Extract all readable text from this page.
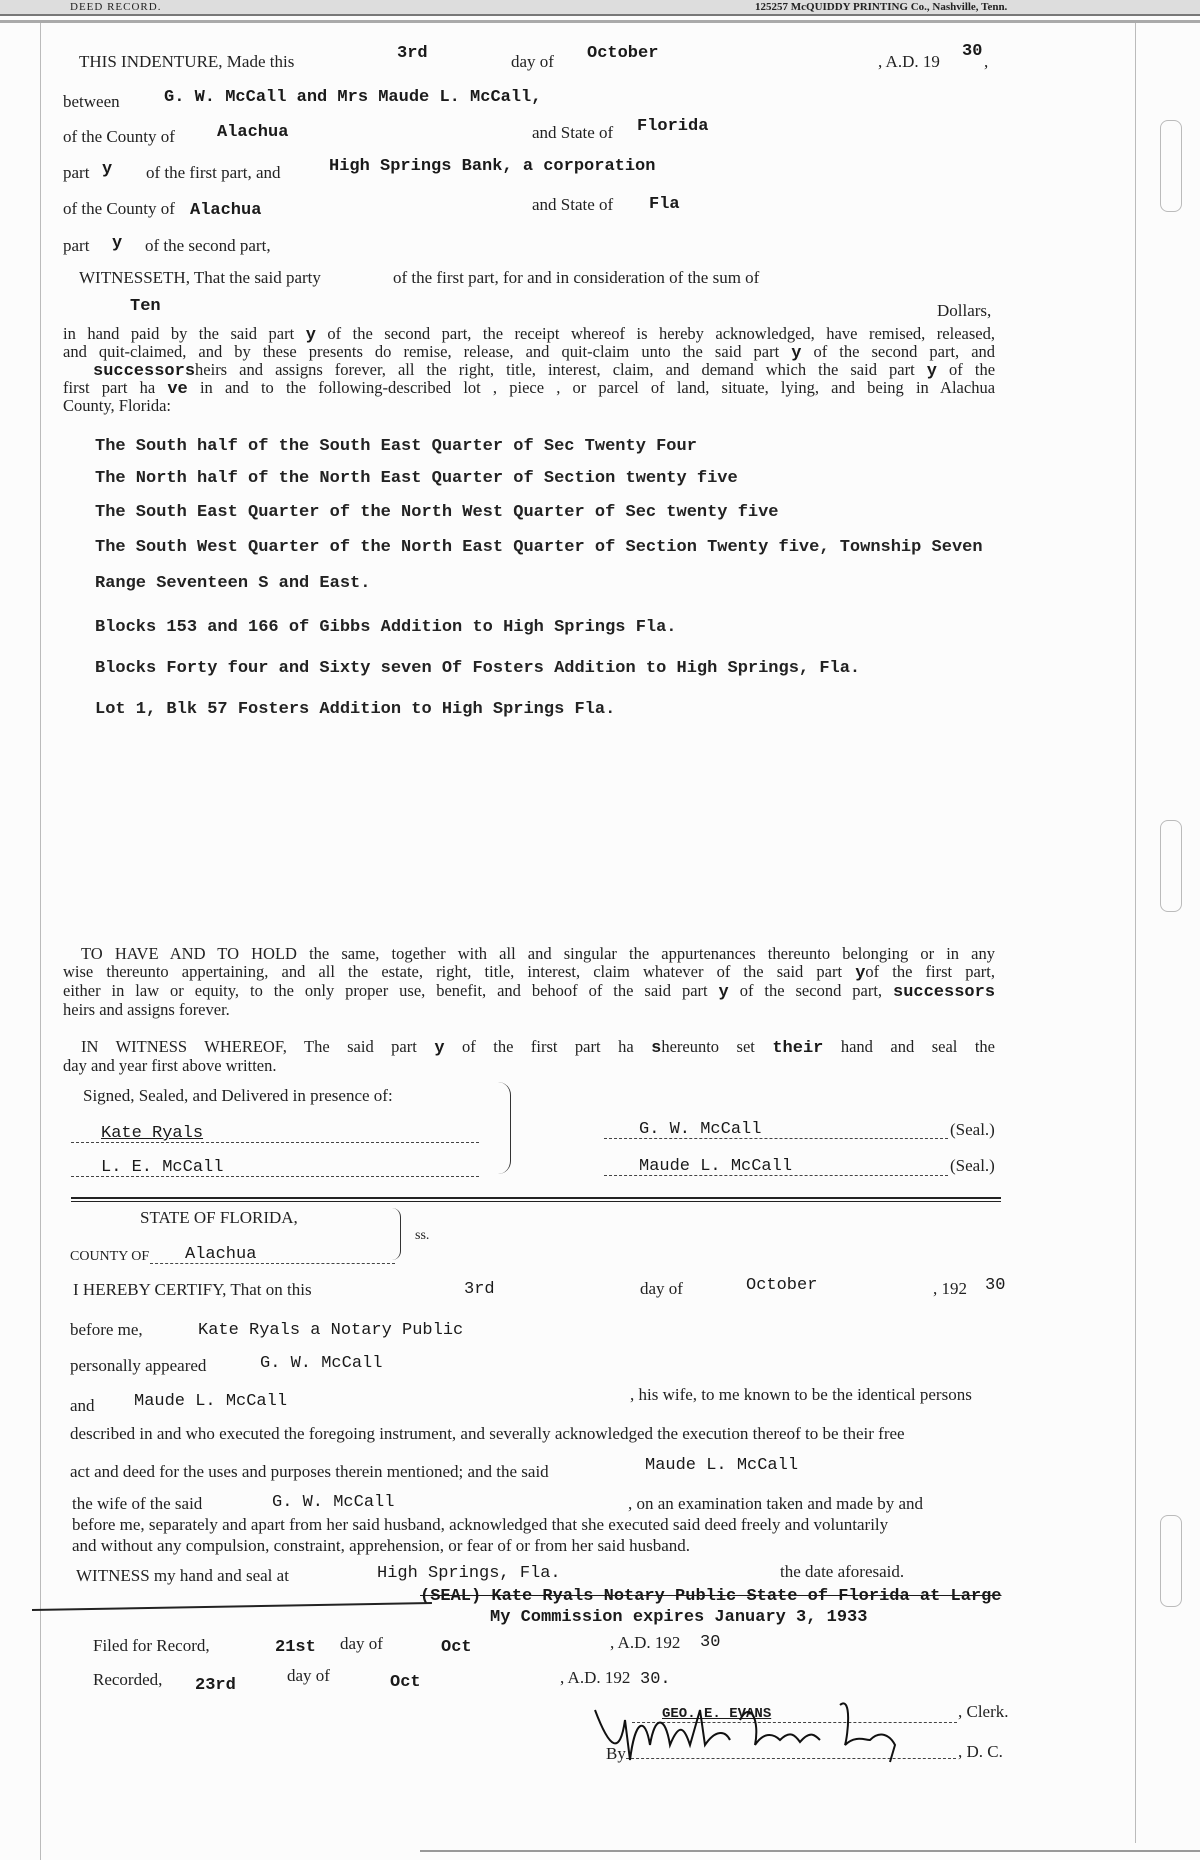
DEED RECORD.	125257 McQUIDDY PRINTING Co., Nashville, Tenn.
THIS INDENTURE, Made this	3rd	day of October	, A.D. 19
30
,
between	G. W. McCall and Mrs Maude L. McCall,
of the County of Alachua	and State of Florida
part y of the first part, and	High Springs Bank, a corporation
of the County of Alachua	and State of Fla
part y of the second part,
WITNESSETH, That the said party	of the first part, for and in consideration of the sum of
Ten	Dollars,
in hand paid by the said part y of the second part, the receipt whereof is hereby acknowledged, have remised, released,
and quit-claimed, and by these presents do remise, release, and quit-claim unto the said part y of the second part, and
successorsheirs and assigns forever, all the right, title, interest, claim, and demand which the said part y of the
first part ha ve in and to the following-described lot , piece , or parcel of land, situate, lying, and being in Alachua
County, Florida:
The South half of the South East Quarter of Sec Twenty Four
The North half of the North East Quarter of Section twenty five
The South East Quarter of the North West Quarter of Sec twenty five
The South West Quarter of the North East Quarter of Section Twenty five, Township Seven
Range Seventeen S and East.
Blocks 153 and 166 of Gibbs Addition to High Springs Fla.
Blocks Forty four and Sixty seven Of Fosters Addition to High Springs, Fla.
Lot 1, Blk 57 Fosters Addition to High Springs Fla.
TO HAVE AND TO HOLD the same, together with all and singular the appurtenances thereunto belonging or in any
wise thereunto appertaining, and all the estate, right, title, interest, claim whatever of the said part yof the first part,
either in law or equity, to the only proper use, benefit, and behoof of the said part y of the second part, successors
heirs and assigns forever.
IN WITNESS WHEREOF, The said part y of the first part ha shereunto set their hand and seal the
day and year first above written.
Signed, Sealed, and Delivered in presence of:
Kate Ryals
L. E. McCall
G. W. McCall	(Seal.)
Maude L. McCall	(Seal.)
STATE OF FLORIDA,
ss.
COUNTY OF	Alachua
I HEREBY CERTIFY, That on this	3rd	day of	October	, 192 30
before me,	Kate Ryals a Notary Public
personally appeared	G. W. McCall
and Maude L. McCall	, his wife, to me known to be the identical persons
described in and who executed the foregoing instrument, and severally acknowledged the execution thereof to be their free
act and deed for the uses and purposes therein mentioned; and the said	Maude L. McCall
the wife of the said	G. W. McCall	, on an examination taken and made by and
before me, separately and apart from her said husband, acknowledged that she executed said deed freely and voluntarily
and without any compulsion, constraint, apprehension, or fear of or from her said husband.
WITNESS my hand and seal at	High Springs, Fla.	the date aforesaid.
(SEAL) Kate Ryals Notary Public State of Florida at Large
My Commission expires January 3, 1933
Filed for Record,	21st day of	Oct	, A.D. 192 30
Recorded, 23rd
day of	Oct	, A.D. 192 30.
GEO. E. EVANS	, Clerk.
By	, D. C.
